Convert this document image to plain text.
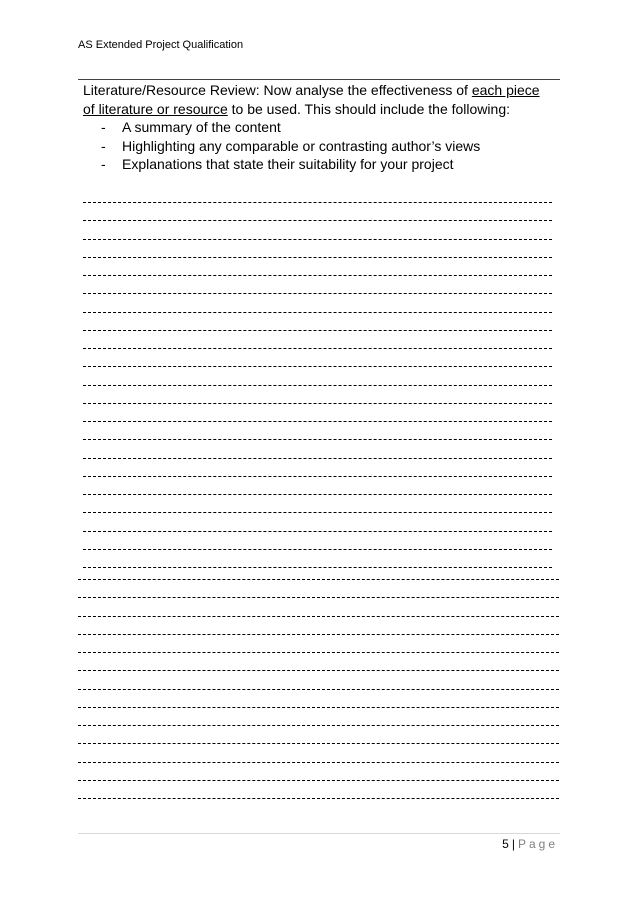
AS Extended Project Qualification

Literature/Resource Review: Now analyse the effectiveness of each piece of literature or resource to be used. This should include the following:

- A summary of the content
- Highlighting any comparable or contrasting author’s views
- Explanations that state their suitability for your project
5 | Page
